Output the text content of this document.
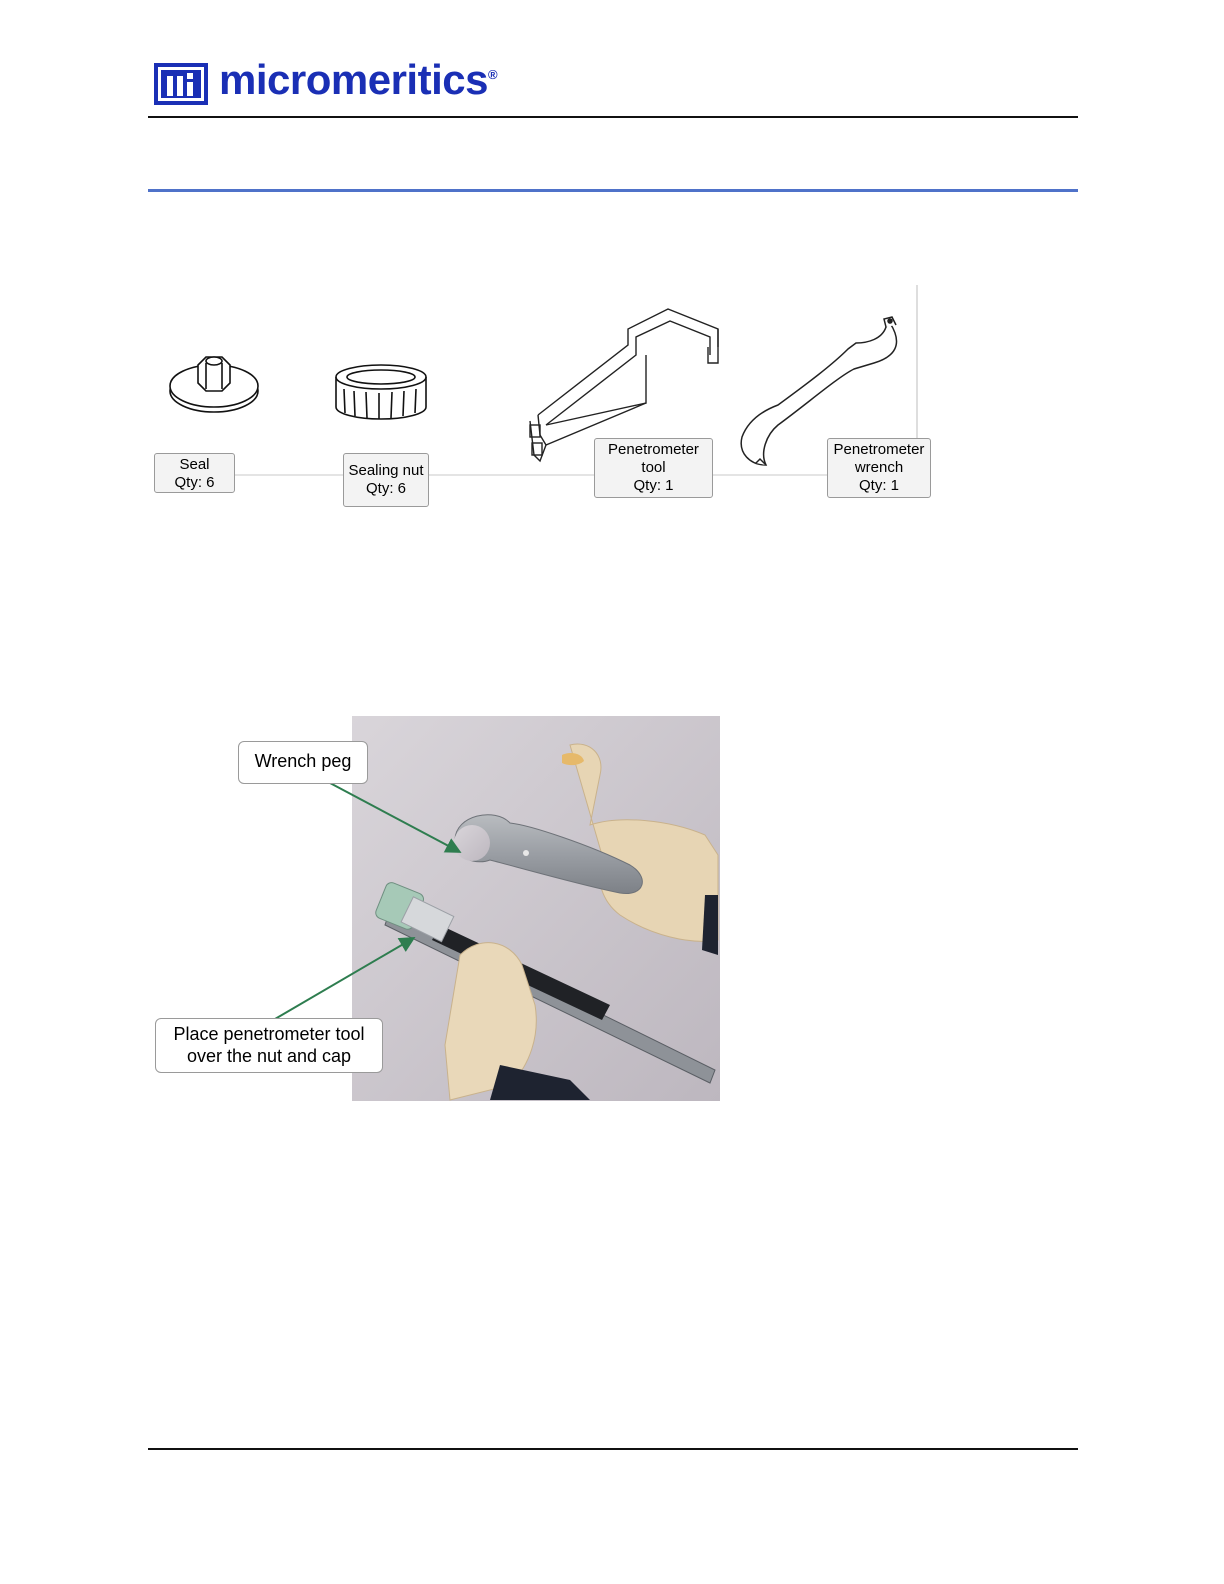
micromeritics®
Seal
Qty: 6
Sealing nut
Qty: 6
Penetrometer
tool
Qty: 1
Penetrometer
wrench
Qty: 1
Wrench peg
Place penetrometer tool
over the nut and cap
